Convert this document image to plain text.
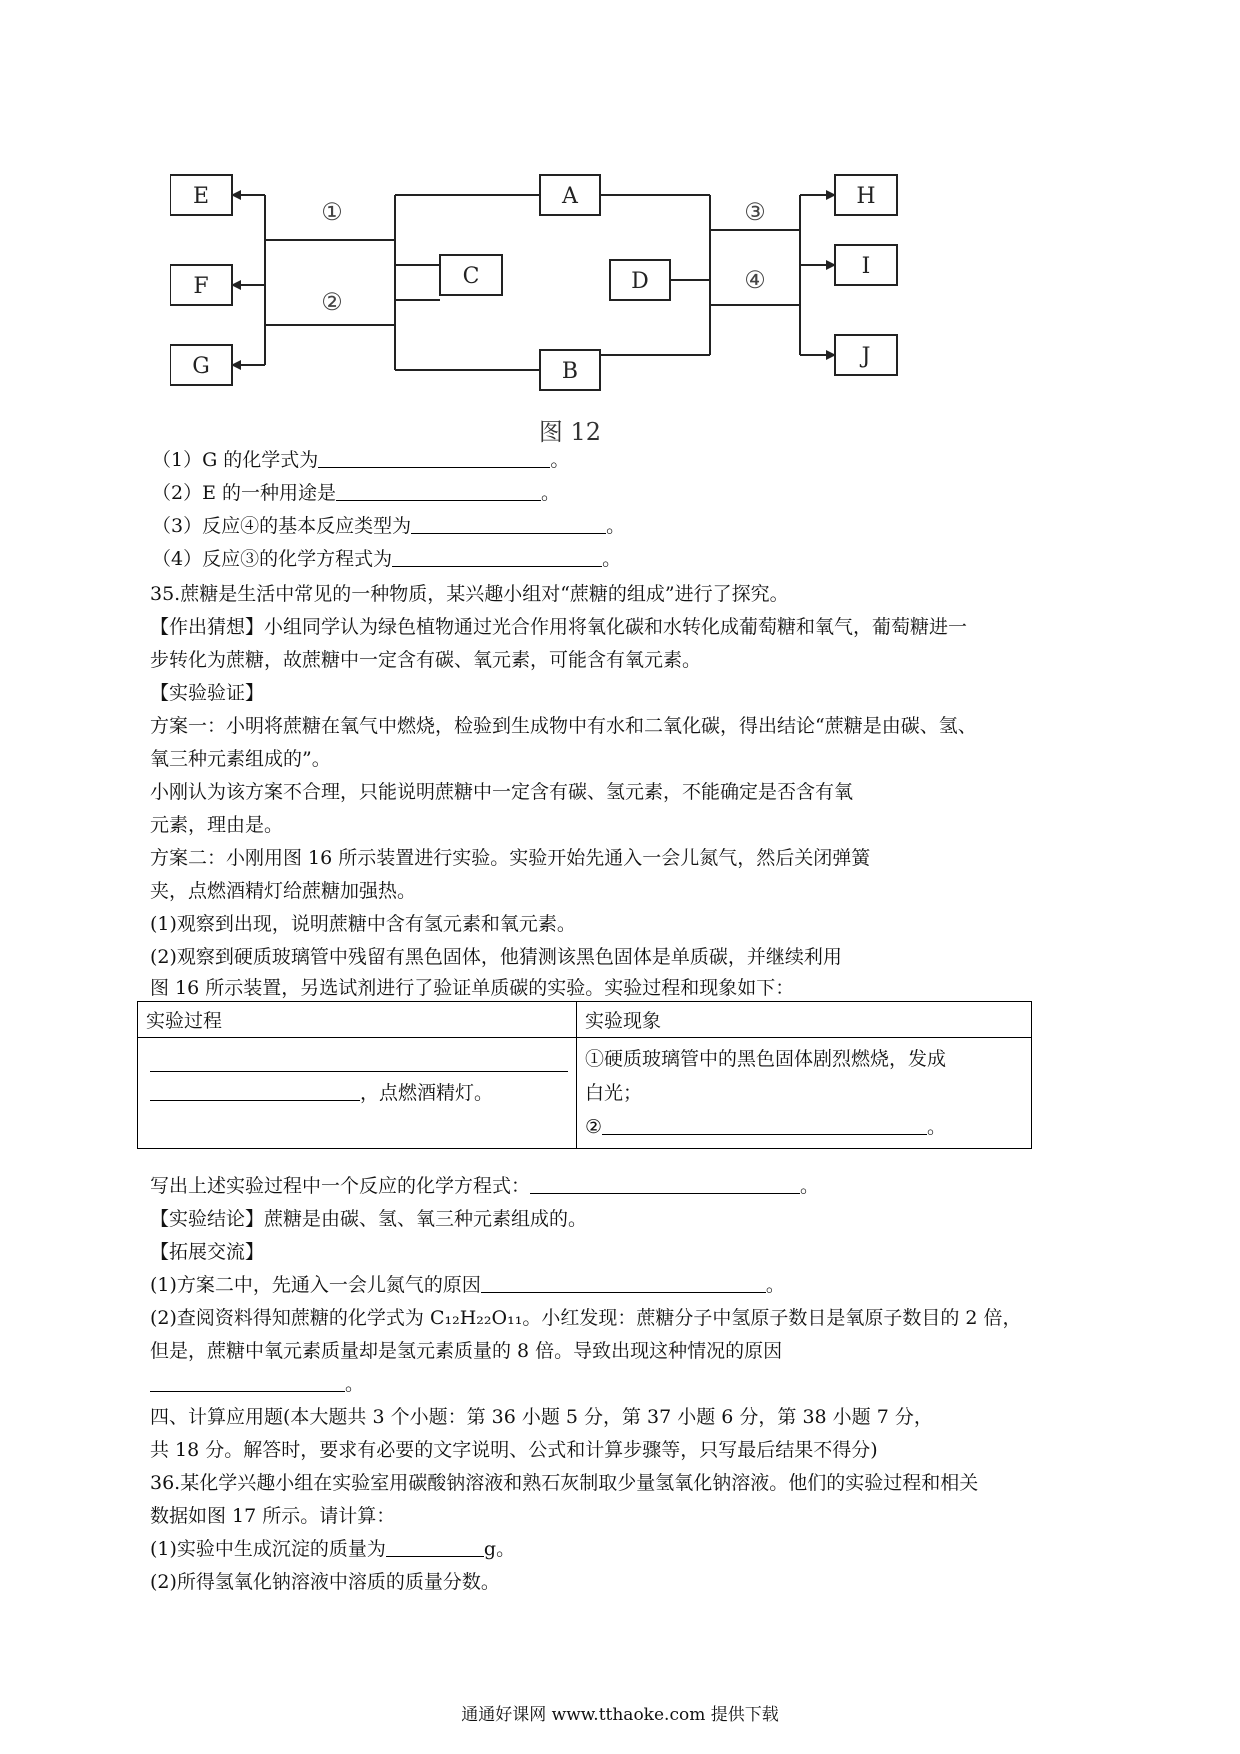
E
F
G
A
C
B
D
H
I
J
①
②
③
④
图 12
（1）G 的化学式为	。
（2）E 的一种用途是	。
（3）反应④的基本反应类型为	。
（4）反应③的化学方程式为	。
35.蔗糖是生活中常见的一种物质，某兴趣小组对“蔗糖的组成”进行了探究。
【作出猜想】小组同学认为绿色植物通过光合作用将氧化碳和水转化成葡萄糖和氧气，葡萄糖进一
步转化为蔗糖，故蔗糖中一定含有碳、氧元素，可能含有氧元素。
【实验验证】
方案一：小明将蔗糖在氧气中燃烧，检验到生成物中有水和二氧化碳，得出结论“蔗糖是由碳、氢、
氧三种元素组成的”。
小刚认为该方案不合理，只能说明蔗糖中一定含有碳、氢元素，不能确定是否含有氧
元素，理由是。
方案二：小刚用图 16 所示装置进行实验。实验开始先通入一会儿氮气，然后关闭弹簧
夹，点燃酒精灯给蔗糖加强热。
(1)观察到出现，说明蔗糖中含有氢元素和氧元素。
(2)观察到硬质玻璃管中残留有黑色固体，他猜测该黑色固体是单质碳，并继续利用
图 16 所示装置，另选试剂进行了验证单质碳的实验。实验过程和现象如下：
实验过程	实验现象

，点燃酒精灯。	①硬质玻璃管中的黑色固体剧烈燃烧，发成
白光；
② 。
写出上述实验过程中一个反应的化学方程式：	。
【实验结论】蔗糖是由碳、氢、氧三种元素组成的。
【拓展交流】
(1)方案二中，先通入一会儿氮气的原因	。
(2)查阅资料得知蔗糖的化学式为 C₁₂H₂₂O₁₁。小红发现：蔗糖分子中氢原子数日是氧原子数目的 2 倍，
但是，蔗糖中氧元素质量却是氢元素质量的 8 倍。导致出现这种情况的原因
。
四、计算应用题(本大题共 3 个小题：第 36 小题 5 分，第 37 小题 6 分，第 38 小题 7 分，
共 18 分。解答时，要求有必要的文字说明、公式和计算步骤等，只写最后结果不得分)
36.某化学兴趣小组在实验室用碳酸钠溶液和熟石灰制取少量氢氧化钠溶液。他们的实验过程和相关
数据如图 17 所示。请计算：
(1)实验中生成沉淀的质量为	g。
(2)所得氢氧化钠溶液中溶质的质量分数。
通通好课网 www.tthaoke.com 提供下载
